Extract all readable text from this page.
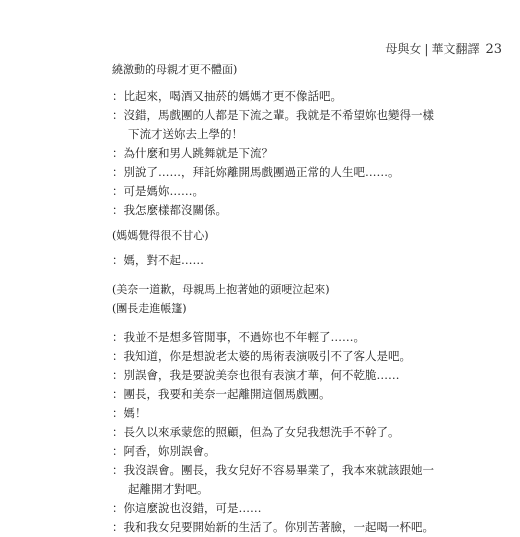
母與女 | 華文翻譯 23
繞激動的母親才更不體面)
：比起來，喝酒又抽菸的媽媽才更不像話吧。
：沒錯，馬戲團的人都是下流之輩。我就是不希望妳也變得一樣
下流才送妳去上學的！
：為什麼和男人跳舞就是下流？
：別說了……，拜託妳離開馬戲團過正常的人生吧……。
：可是媽妳……。
：我怎麼樣都沒關係。
(媽媽覺得很不甘心)
：媽，對不起……
(美奈一道歉，母親馬上抱著她的頭哽泣起來)
(團長走進帳篷)
：我並不是想多管閒事，不過妳也不年輕了……。
：我知道，你是想說老太婆的馬術表演吸引不了客人是吧。
：別誤會，我是要說美奈也很有表演才華，何不乾脆……
：團長，我要和美奈一起離開這個馬戲團。
：媽！
：長久以來承蒙您的照顧，但為了女兒我想洗手不幹了。
：阿香，妳別誤會。
：我沒誤會。團長，我女兒好不容易畢業了，我本來就該跟她一
起離開才對吧。
：你這麼說也沒錯，可是……
：我和我女兒要開始新的生活了。你別苦著臉，一起喝一杯吧。
